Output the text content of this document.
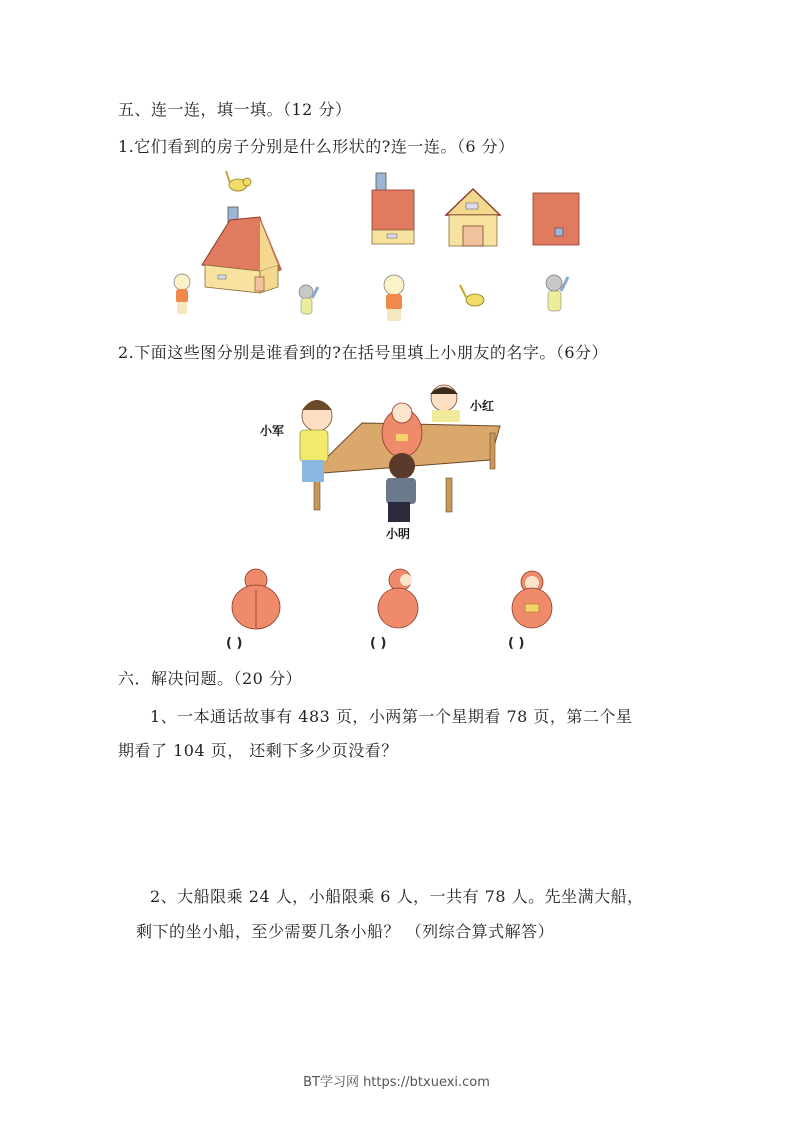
五、连一连，填一填。（12 分）
1.它们看到的房子分别是什么形状的?连一连。（6 分）
2.下面这些图分别是谁看到的?在括号里填上小朋友的名字。（6分）
小军
小红
小明
( )	( )	( )
六．解决问题。（20 分）
1、一本通话故事有 483 页，小两第一个星期看 78 页，第二个星
期看了 104 页， 还剩下多少页没看？
2、大船限乘 24 人，小船限乘 6 人，一共有 78 人。先坐满大船，
剩下的坐小船，至少需要几条小船？ （列综合算式解答）
BT学习网 https://btxuexi.com
